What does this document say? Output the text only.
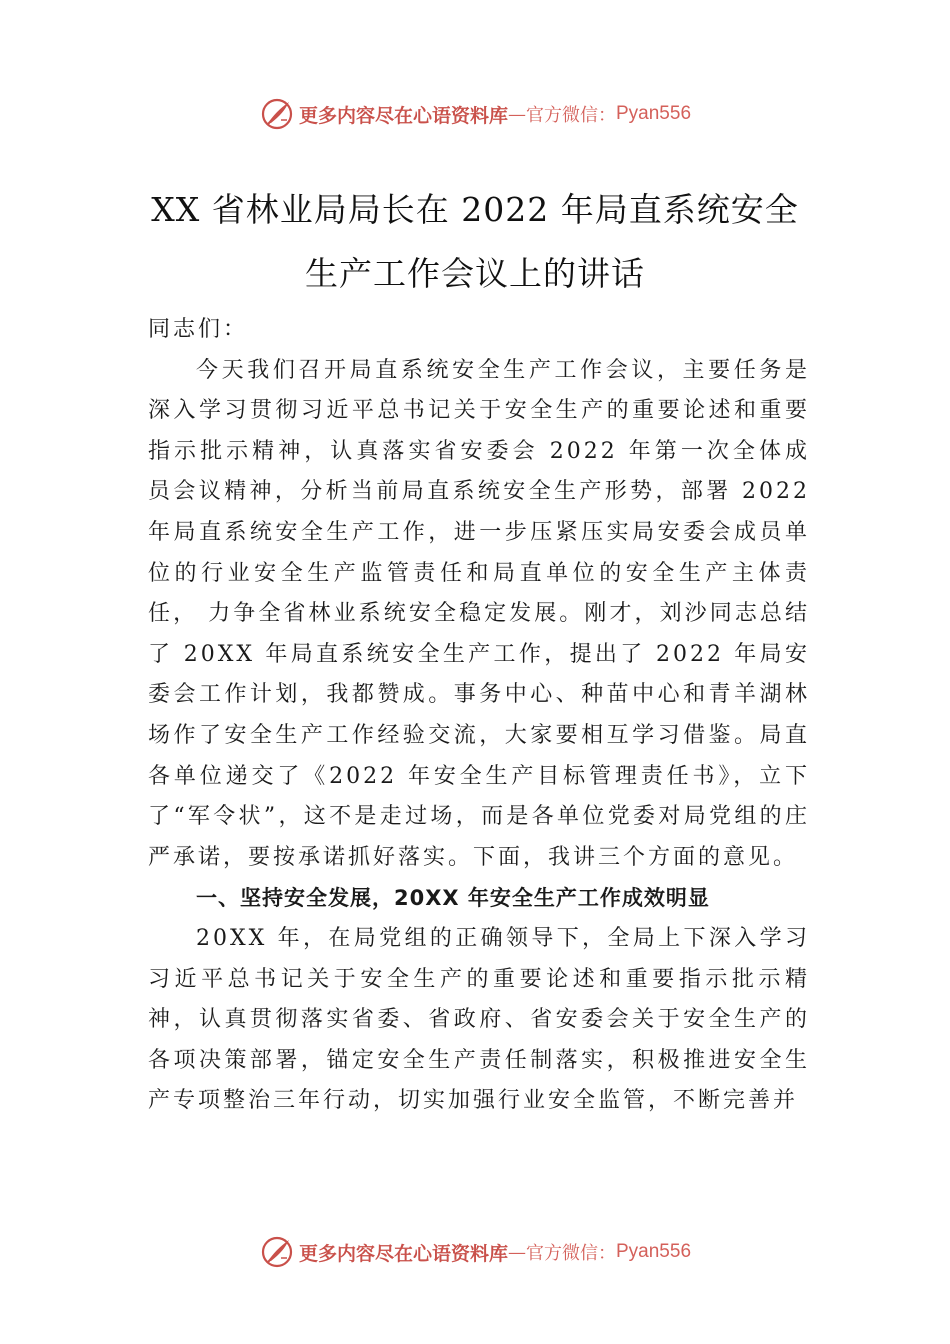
更多内容尽在心语资料库 — 官方微信： Pyan556
XX 省林业局局长在 2022 年局直系统安全
生产工作会议上的讲话

同志们：

今天我们召开局直系统安全生产工作会议，主要任务是深入学习贯彻习近平总书记关于安全生产的重要论述和重要指示批示精神，认真落实省安委会 2022 年第一次全体成员会议精神，分析当前局直系统安全生产形势，部署 2022 年局直系统安全生产工作，进一步压紧压实局安委会成员单位的行业安全生产监管责任和局直单位的安全生产主体责任， 力争全省林业系统安全稳定发展。刚才，刘沙同志总结了 20XX 年局直系统安全生产工作，提出了 2022 年局安委会工作计划，我都赞成。事务中心、种苗中心和青羊湖林场作了安全生产工作经验交流，大家要相互学习借鉴。局直各单位递交了《2022 年安全生产目标管理责任书》，立下了“军令状”，这不是走过场，而是各单位党委对局党组的庄严承诺，要按承诺抓好落实。下面，我讲三个方面的意见。

一、坚持安全发展，20XX 年安全生产工作成效明显

20XX 年，在局党组的正确领导下，全局上下深入学习习近平总书记关于安全生产的重要论述和重要指示批示精神，认真贯彻落实省委、省政府、省安委会关于安全生产的各项决策部署，锚定安全生产责任制落实，积极推进安全生产专项整治三年行动，切实加强行业安全监管，不断完善并

更多内容尽在心语资料库 — 官方微信： Pyan556
